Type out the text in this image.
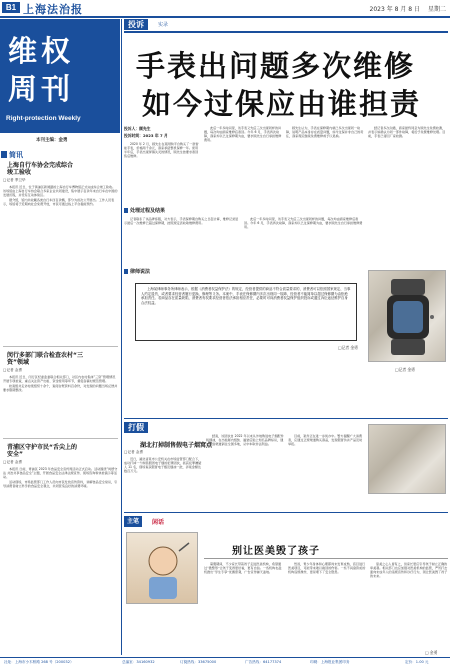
B1 上海法治报	2023 年 8 月 8 日 星期二
维权
周刊
Right-protection Weekly
本刊主编：金勇
简讯
上海自行车协会完成综合竣工验收
□记者 季卫华

本报讯 近日，位于黄浦区新闸路的上海自行车博物馆正式完成综合竣工验收。该场馆由上海自行车协会联合多家企业共同建设，集中展示百余年来自行车在中国的发展历程，并设有互动体验区。

据介绍，馆内共收藏各类自行车四百余辆，部分为首次公开展出。工作人员表示，场馆将于近期向社会免费开放，市民可通过线上平台提前预约。

闵行多部门联合检查农村“三资”领域
□记者 金勇

本报讯 近日，闵行区纪委监委联合相关部门，对区内农村集体“三资”管理情况开展专项检查，重点关注资产出租、资金使用等环节，督促各镇村规范管理。

检查组共走访村级组织十余个，查阅台账资料百余份，对发现的问题当场反馈并要求限期整改。

青浦区守护市民“舌尖上的安全”
□记者 金勇

本报讯 日前，青浦区 2023 年食品安全宣传周活动正式启动。活动围绕“尚德守法 共治共享食品安全”主题，开展食品安全法律法规宣传、现场咨询和快检演示等活动。

活动现场，市场监管部门工作人员向市民发放宣传资料，讲解食品安全常识，引导消费者树立科学的食品安全观念，共同营造良好的消费环境。

投诉	实录
手表出问题多次维修
如今过保应由谁担责
投诉人：顾先生
投诉时间：2023 年 7 月

2020 年 2 月，顾先生在某网购平台购买了一款智能手表，价格两千余元，商家承诺整机保修一年。使用半年后，手表出现屏幕失灵的情况，顾先生按要求寄回售后维修。

此后一年多时间里，该手表又先后三次出现同样的问题，每次均由商家维修后寄回。今年 6 月，手表再次故障，商家却以已过保修期为由，要求顾先生自行承担维修费用。

顾先生认为，手表在保修期内就已多次出现同一故障，说明产品本身存在质量问题，如今过保并非自己的责任，商家理应继续免费维修或予以退换。

经记者多次沟通，商家最终同意为顾先生免费检测，并表示如确认为同一部件故障，将给予免费维修处理。目前，手表已寄回厂家检测。

处理过程及结果

记者联系了该品牌客服，对方表示，手表保修期自购买之日起计算，维修记录显示最后一次维修已超过保修期，按照规定需收取维修费用。

此后一年多时间里，该手表又先后三次出现同样的问题，每次均由商家维修后寄回。今年 6 月，手表再次故障，商家却以已过保修期为由，要求顾先生自行承担维修费用。

律师说法
上海某律师事务所律师表示，根据《消费者权益保护法》的规定，经营者提供的商品不符合质量要求的，消费者可以依照国家规定、当事人约定退货，或者要求经营者履行更换、修理等义务。本案中，手表在保修期内多次出现同一故障，经营者不能简单以超过保修期为由拒绝承担责任。若商品存在质量缺陷，消费者有权要求经营者依法承担相应责任，必要时可向消费者权益保护组织投诉或通过诉讼途径维护自身合法权益。
□记者 金勇
□记者 金勇
打假
湖北打掉制售假电子烟窝点
□记者 金勇

近日，湖北省某市公安机关在市场监管部门配合下，成功打掉一个制售假冒电子烟的犯罪团伙，抓获犯罪嫌疑人 11 名，现场查获假冒电子烟及烟油一批，涉案金额达数百万元。

经查，该团伙自 2022 年以来从外地购进电子烟配件和烟油，在出租屋内组装、灌装后贴上知名品牌标识，通过网络渠道销往全国多地，从中牟取非法利益。

目前，案件正在进一步侦办中。警方提醒广大消费者，应通过正规渠道购买商品，发现假冒伪劣产品及时举报。

主笔	闲话
别让医美毁了孩子

暑假期间，不少家长带着孩子走进医美机构，希望通过“微整形”让孩子变得更好看，更有自信。一些机构也趁机推出“学生专享”优惠套餐，广告宣传铺天盖地。

然而，青少年身体和心理都尚未发育成熟，盲目进行医美项目，可能带来难以挽回的伤害。一些不具备资质的机构违规操作，更是埋下了安全隐患。

爱美之心人皆有之，但家长更应引导孩子树立正确的审美观。相关部门也应加强对医美机构的监管，严厉打击面向未成年人的违规宣传和诊疗行为，别让医美毁了孩子的未来。

□ 金勇
社址：上海市小木桥路 268 号（200032）	总编室：34160932	订阅热线：33675000	广告热线：64177374	印刷：上海报业集团印务	定价：1.00 元
